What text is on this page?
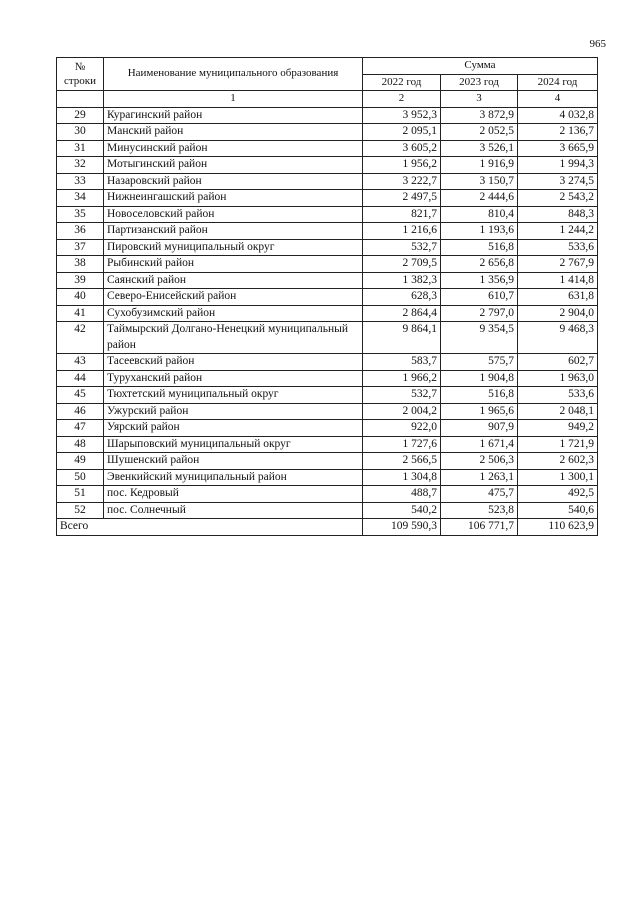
965
№ строки	Наименование муниципального образования	Сумма		
		2022 год	2023 год	2024 год
	1	2	3	4
29	Курагинский район	3 952,3	3 872,9	4 032,8
30	Манский район	2 095,1	2 052,5	2 136,7
31	Минусинский район	3 605,2	3 526,1	3 665,9
32	Мотыгинский район	1 956,2	1 916,9	1 994,3
33	Назаровский район	3 222,7	3 150,7	3 274,5
34	Нижнеингашский район	2 497,5	2 444,6	2 543,2
35	Новоселовский район	821,7	810,4	848,3
36	Партизанский район	1 216,6	1 193,6	1 244,2
37	Пировский муниципальный округ	532,7	516,8	533,6
38	Рыбинский район	2 709,5	2 656,8	2 767,9
39	Саянский район	1 382,3	1 356,9	1 414,8
40	Северо-Енисейский район	628,3	610,7	631,8
41	Сухобузимский район	2 864,4	2 797,0	2 904,0
42	Таймырский Долгано-Ненецкий муниципальный район	9 864,1	9 354,5	9 468,3
43	Тасеевский район	583,7	575,7	602,7
44	Туруханский район	1 966,2	1 904,8	1 963,0
45	Тюхтетский муниципальный округ	532,7	516,8	533,6
46	Ужурский район	2 004,2	1 965,6	2 048,1
47	Уярский район	922,0	907,9	949,2
48	Шарыповский муниципальный округ	1 727,6	1 671,4	1 721,9
49	Шушенский район	2 566,5	2 506,3	2 602,3
50	Эвенкийский муниципальный район	1 304,8	1 263,1	1 300,1
51	пос. Кедровый	488,7	475,7	492,5
52	пос. Солнечный	540,2	523,8	540,6
Всего		109 590,3	106 771,7	110 623,9
